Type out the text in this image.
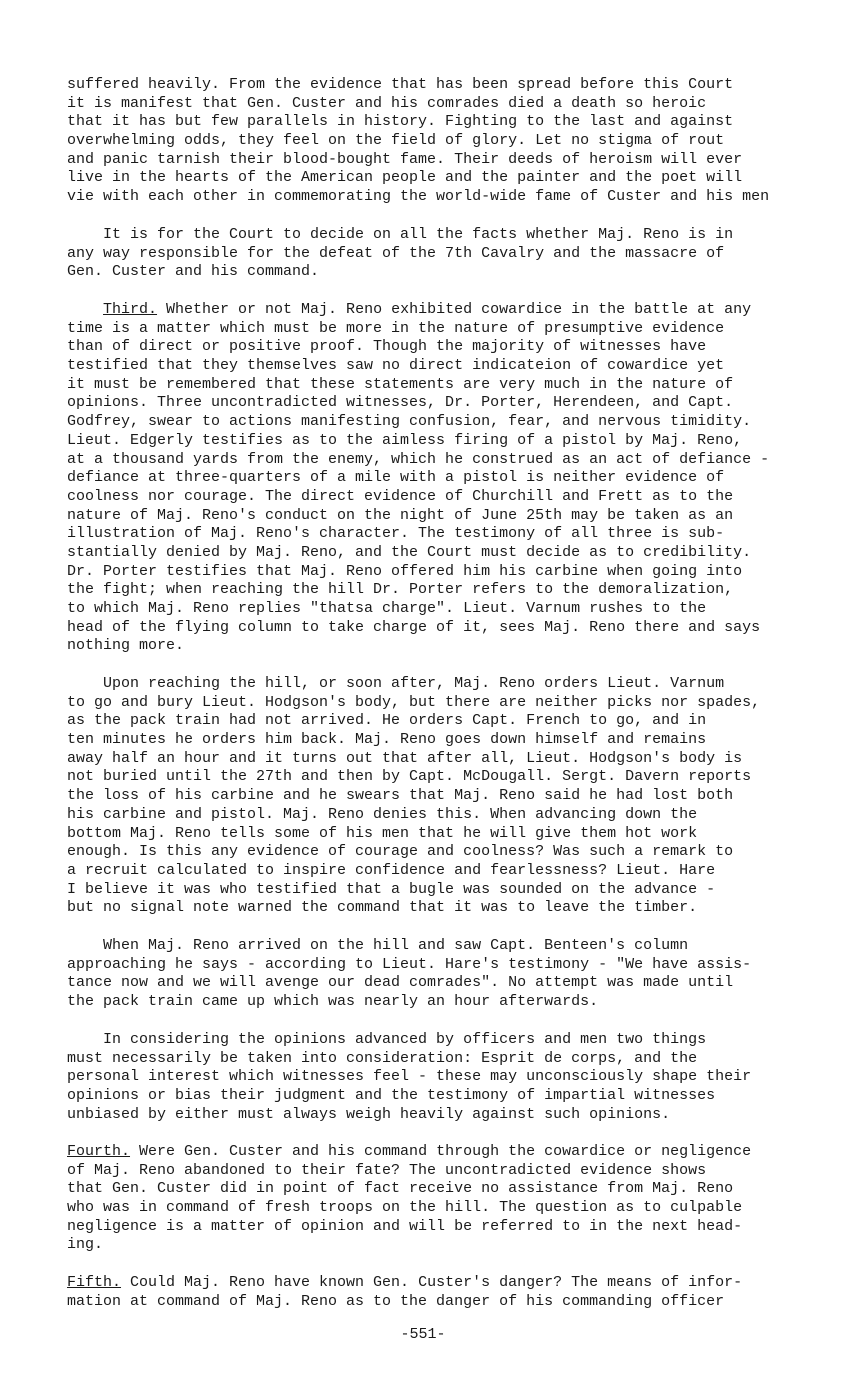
suffered heavily. From the evidence that has been spread before this Court
it is manifest that Gen. Custer and his comrades died a death so heroic
that it has but few parallels in history. Fighting to the last and against
overwhelming odds, they feel on the field of glory. Let no stigma of rout
and panic tarnish their blood-bought fame. Their deeds of heroism will ever
live in the hearts of the American people and the painter and the poet will
vie with each other in commemorating the world-wide fame of Custer and his men
It is for the Court to decide on all the facts whether Maj. Reno is in
any way responsible for the defeat of the 7th Cavalry and the massacre of
Gen. Custer and his command.
Third. Whether or not Maj. Reno exhibited cowardice in the battle at any
time is a matter which must be more in the nature of presumptive evidence
than of direct or positive proof. Though the majority of witnesses have
testified that they themselves saw no direct indicateion of cowardice yet
it must be remembered that these statements are very much in the nature of
opinions. Three uncontradicted witnesses, Dr. Porter, Herendeen, and Capt.
Godfrey, swear to actions manifesting confusion, fear, and nervous timidity.
Lieut. Edgerly testifies as to the aimless firing of a pistol by Maj. Reno,
at a thousand yards from the enemy, which he construed as an act of defiance -
defiance at three-quarters of a mile with a pistol is neither evidence of
coolness nor courage. The direct evidence of Churchill and Frett as to the
nature of Maj. Reno's conduct on the night of June 25th may be taken as an
illustration of Maj. Reno's character. The testimony of all three is sub-
stantially denied by Maj. Reno, and the Court must decide as to credibility.
Dr. Porter testifies that Maj. Reno offered him his carbine when going into
the fight; when reaching the hill Dr. Porter refers to the demoralization,
to which Maj. Reno replies "thatsa charge". Lieut. Varnum rushes to the
head of the flying column to take charge of it, sees Maj. Reno there and says
nothing more.
Upon reaching the hill, or soon after, Maj. Reno orders Lieut. Varnum
to go and bury Lieut. Hodgson's body, but there are neither picks nor spades,
as the pack train had not arrived. He orders Capt. French to go, and in
ten minutes he orders him back. Maj. Reno goes down himself and remains
away half an hour and it turns out that after all, Lieut. Hodgson's body is
not buried until the 27th and then by Capt. McDougall. Sergt. Davern reports
the loss of his carbine and he swears that Maj. Reno said he had lost both
his carbine and pistol. Maj. Reno denies this. When advancing down the
bottom Maj. Reno tells some of his men that he will give them hot work
enough. Is this any evidence of courage and coolness? Was such a remark to
a recruit calculated to inspire confidence and fearlessness? Lieut. Hare
I believe it was who testified that a bugle was sounded on the advance -
but no signal note warned the command that it was to leave the timber.
When Maj. Reno arrived on the hill and saw Capt. Benteen's column
approaching he says - according to Lieut. Hare's testimony - "We have assis-
tance now and we will avenge our dead comrades". No attempt was made until
the pack train came up which was nearly an hour afterwards.
In considering the opinions advanced by officers and men two things
must necessarily be taken into consideration: Esprit de corps, and the
personal interest which witnesses feel - these may unconsciously shape their
opinions or bias their judgment and the testimony of impartial witnesses
unbiased by either must always weigh heavily against such opinions.
Fourth. Were Gen. Custer and his command through the cowardice or negligence
of Maj. Reno abandoned to their fate? The uncontradicted evidence shows
that Gen. Custer did in point of fact receive no assistance from Maj. Reno
who was in command of fresh troops on the hill. The question as to culpable
negligence is a matter of opinion and will be referred to in the next head-
ing.
Fifth. Could Maj. Reno have known Gen. Custer's danger? The means of infor-
mation at command of Maj. Reno as to the danger of his commanding officer
-551-
